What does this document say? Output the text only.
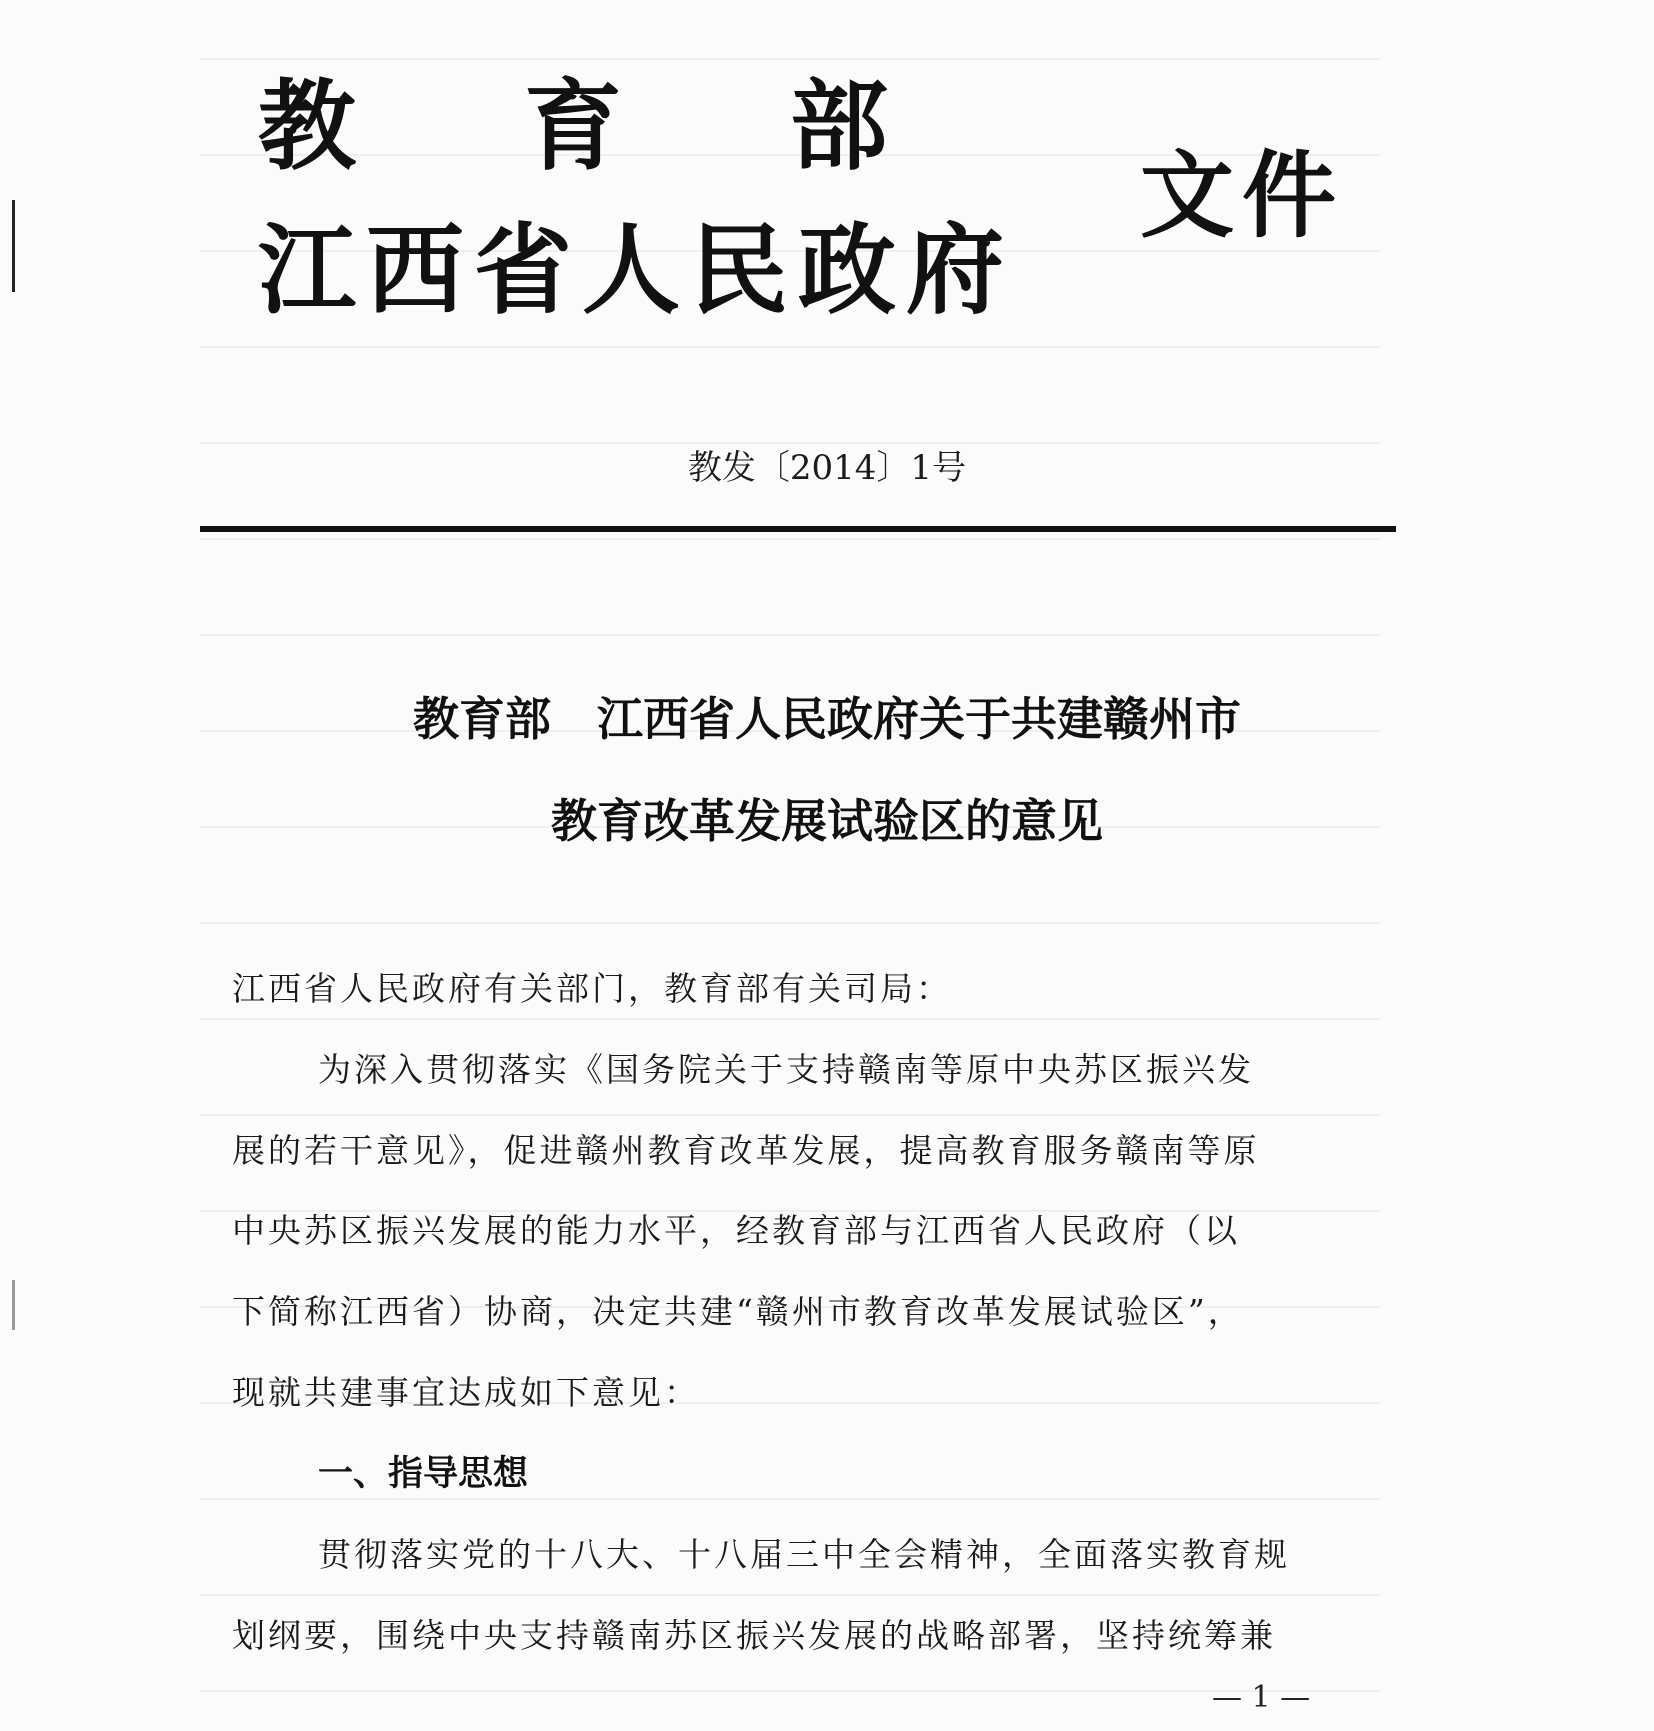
教育部
江西省人民政府
文件
教发〔2014〕1号
教育部　江西省人民政府关于共建赣州市
教育改革发展试验区的意见
江西省人民政府有关部门，教育部有关司局：
为深入贯彻落实《国务院关于支持赣南等原中央苏区振兴发
展的若干意见》，促进赣州教育改革发展，提高教育服务赣南等原
中央苏区振兴发展的能力水平，经教育部与江西省人民政府（以
下简称江西省）协商，决定共建“赣州市教育改革发展试验区”，
现就共建事宜达成如下意见：
一、指导思想
贯彻落实党的十八大、十八届三中全会精神，全面落实教育规
划纲要，围绕中央支持赣南苏区振兴发展的战略部署，坚持统筹兼
— 1 —
